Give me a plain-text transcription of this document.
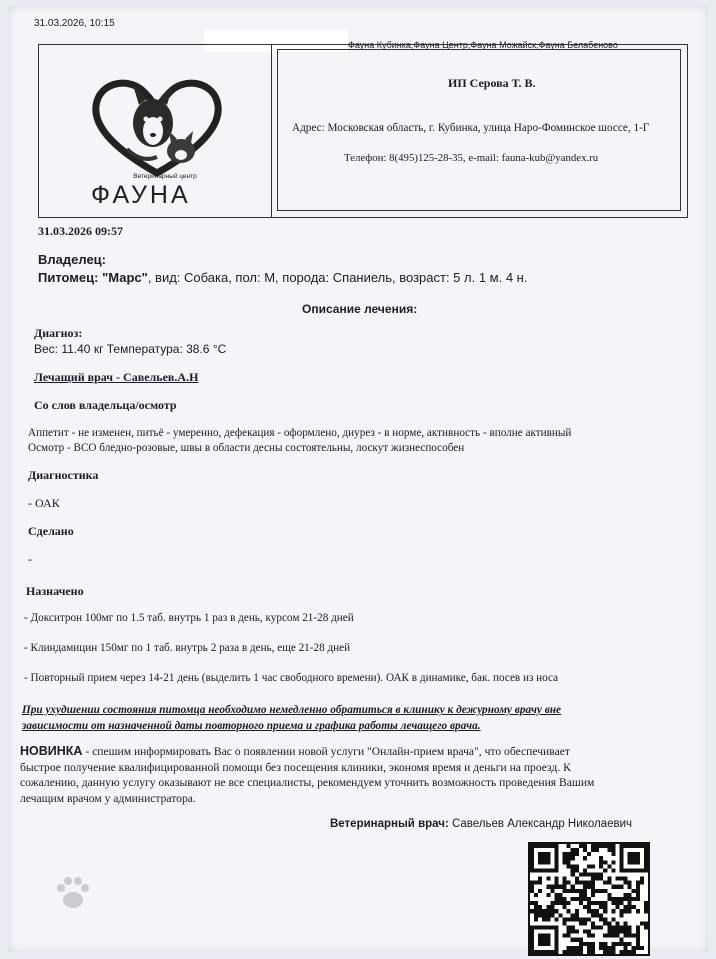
31.03.2026, 10:15
Фауна Кубинка,Фауна Центр,Фауна Можайск,Фауна Белабеново
Ветеринарный центр
ФАУНА
ИП Серова Т. В.
Адрес: Московская область, г. Кубинка, улица Наро-Фоминское шоссе, 1-Г
Телефон: 8(495)125-28-35, e-mail: fauna-kub@yandex.ru
31.03.2026 09:57
Владелец:
Питомец: "Марс", вид: Собака, пол: М, порода: Спаниель, возраст: 5 л. 1 м. 4 н.
Описание лечения:
Диагноз:
Вес: 11.40 кг Температура: 38.6 °С
Лечащий врач - Савельев.А.Н
Со слов владельца/осмотр
Аппетит - не изменен, питьё - умеренно, дефекация - оформлено, диурез - в норме, активность - вполне активный
Осмотр - ВСО бледно-розовые, швы в области десны состоятельны, лоскут жизнеспособен
Диагностика
- ОАК
Сделано
-
Назначено
- Докситрон 100мг по 1.5 таб. внутрь 1 раз в день, курсом 21-28 дней
- Клиндамицин 150мг по 1 таб. внутрь 2 раза в день, еще 21-28 дней
- Повторный прием через 14-21 день (выделить 1 час свободного времени). ОАК в динамике, бак. посев из носа
При ухудшении состояния питомца необходимо немедленно обратиться в клинику к дежурному врачу вне
зависимости от назначенной даты повторного приема и графика работы лечащего врача.
НОВИНКА - спешим информировать Вас о появлении новой услуги "Онлайн-прием врача", что обеспечивает
быстрое получение квалифицированной помощи без посещения клиники, экономя время и деньги на проезд. К
сожалению, данную услугу оказывают не все специалисты, рекомендуем уточнить возможность проведения Вашим
лечащим врачом у администратора.
Ветеринарный врач: Савельев Александр Николаевич
